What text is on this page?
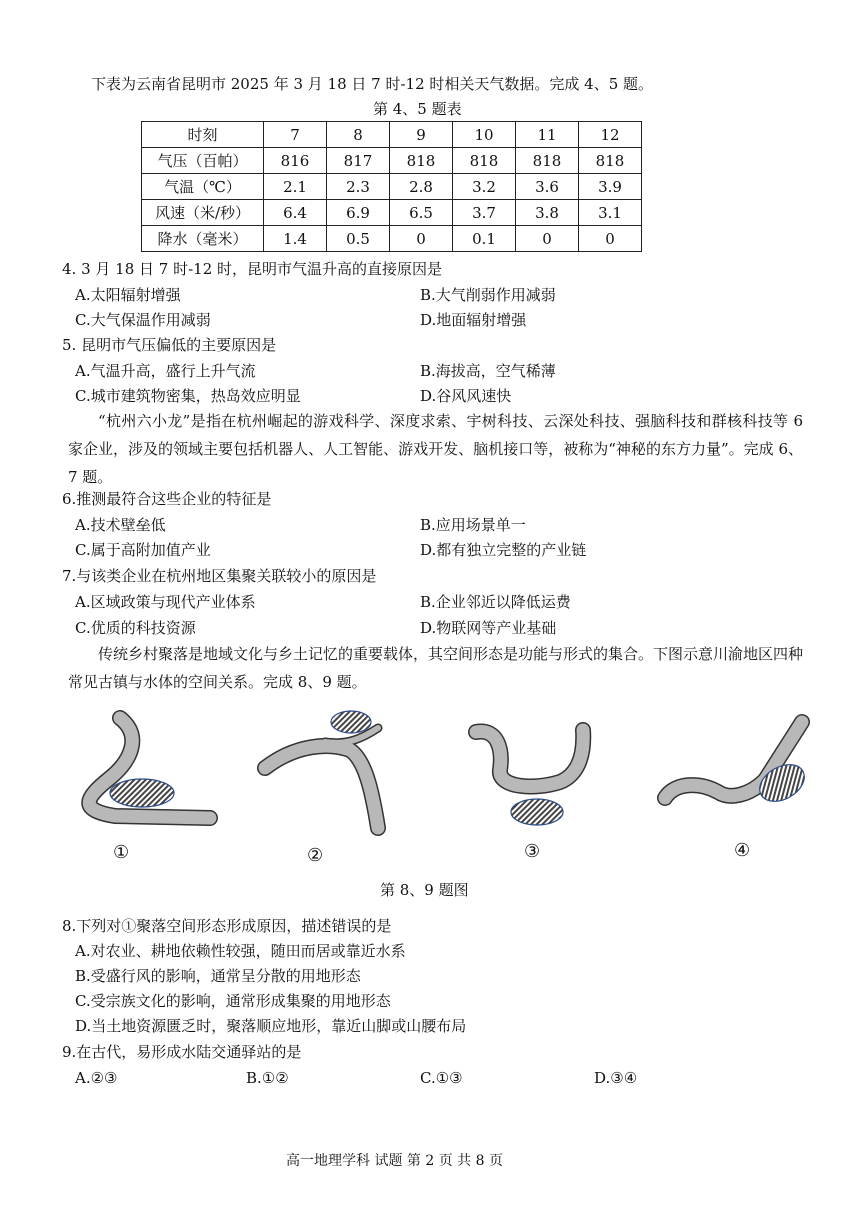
下表为云南省昆明市 2025 年 3 月 18 日 7 时-12 时相关天气数据。完成 4、5 题。
第 4、5 题表
时刻	7	8	9	10	11	12
气压（百帕）	816	817	818	818	818	818
气温（℃）	2.1	2.3	2.8	3.2	3.6	3.9
风速（米/秒）	6.4	6.9	6.5	3.7	3.8	3.1
降水（毫米）	1.4	0.5	0	0.1	0	0
4. 3 月 18 日 7 时-12 时，昆明市气温升高的直接原因是
A.太阳辐射增强	B.大气削弱作用减弱
C.大气保温作用减弱	D.地面辐射增强
5. 昆明市气压偏低的主要原因是
A.气温升高，盛行上升气流	B.海拔高，空气稀薄
C.城市建筑物密集，热岛效应明显	D.谷风风速快
“杭州六小龙”是指在杭州崛起的游戏科学、深度求索、宇树科技、云深处科技、强脑科技和群核科技等 6 家企业，涉及的领域主要包括机器人、人工智能、游戏开发、脑机接口等，被称为“神秘的东方力量”。完成 6、7 题。
6.推测最符合这些企业的特征是
A.技术壁垒低	B.应用场景单一
C.属于高附加值产业	D.都有独立完整的产业链
7.与该类企业在杭州地区集聚关联较小的原因是
A.区域政策与现代产业体系	B.企业邻近以降低运费
C.优质的科技资源	D.物联网等产业基础
传统乡村聚落是地域文化与乡土记忆的重要载体，其空间形态是功能与形式的集合。下图示意川渝地区四种常见古镇与水体的空间关系。完成 8、9 题。
①	②	③	④
第 8、9 题图
8.下列对①聚落空间形态形成原因，描述错误的是
A.对农业、耕地依赖性较强，随田而居或靠近水系
B.受盛行风的影响，通常呈分散的用地形态
C.受宗族文化的影响，通常形成集聚的用地形态
D.当土地资源匮乏时，聚落顺应地形，靠近山脚或山腰布局
9.在古代，易形成水陆交通驿站的是
A.②③	B.①②	C.①③	D.③④
高一地理学科 试题 第 2 页 共 8 页
